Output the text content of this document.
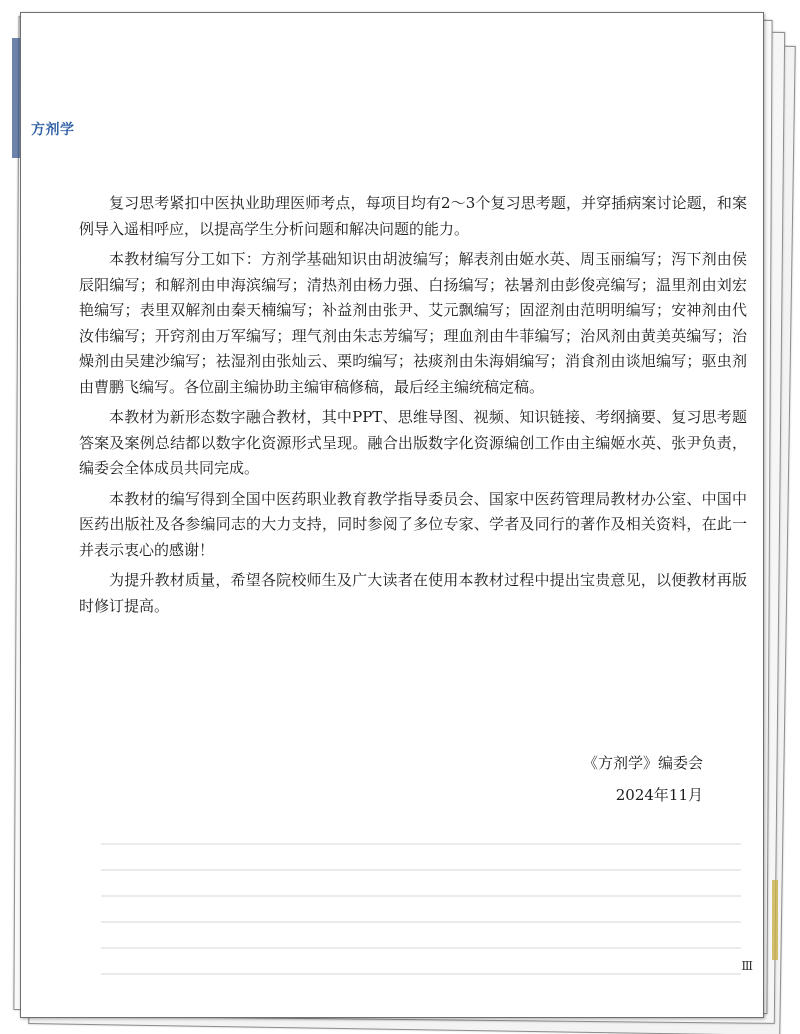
方剂学

复习思考紧扣中医执业助理医师考点，每项目均有2～3个复习思考题，并穿插病案讨论题，和案例导入遥相呼应，以提高学生分析问题和解决问题的能力。

本教材编写分工如下：方剂学基础知识由胡波编写；解表剂由姬水英、周玉丽编写；泻下剂由侯辰阳编写；和解剂由申海滨编写；清热剂由杨力强、白扬编写；祛暑剂由彭俊亮编写；温里剂由刘宏艳编写；表里双解剂由秦天楠编写；补益剂由张尹、艾元飘编写；固涩剂由范明明编写；安神剂由代汝伟编写；开窍剂由万军编写；理气剂由朱志芳编写；理血剂由牛菲编写；治风剂由黄美英编写；治燥剂由吴建沙编写；祛湿剂由张灿云、栗昀编写；祛痰剂由朱海娟编写；消食剂由谈旭编写；驱虫剂由曹鹏飞编写。各位副主编协助主编审稿修稿，最后经主编统稿定稿。

本教材为新形态数字融合教材，其中PPT、思维导图、视频、知识链接、考纲摘要、复习思考题答案及案例总结都以数字化资源形式呈现。融合出版数字化资源编创工作由主编姬水英、张尹负责，编委会全体成员共同完成。

本教材的编写得到全国中医药职业教育教学指导委员会、国家中医药管理局教材办公室、中国中医药出版社及各参编同志的大力支持，同时参阅了多位专家、学者及同行的著作及相关资料，在此一并表示衷心的感谢！

为提升教材质量，希望各院校师生及广大读者在使用本教材过程中提出宝贵意见，以便教材再版时修订提高。

《方剂学》编委会
2024年11月
Ⅲ
